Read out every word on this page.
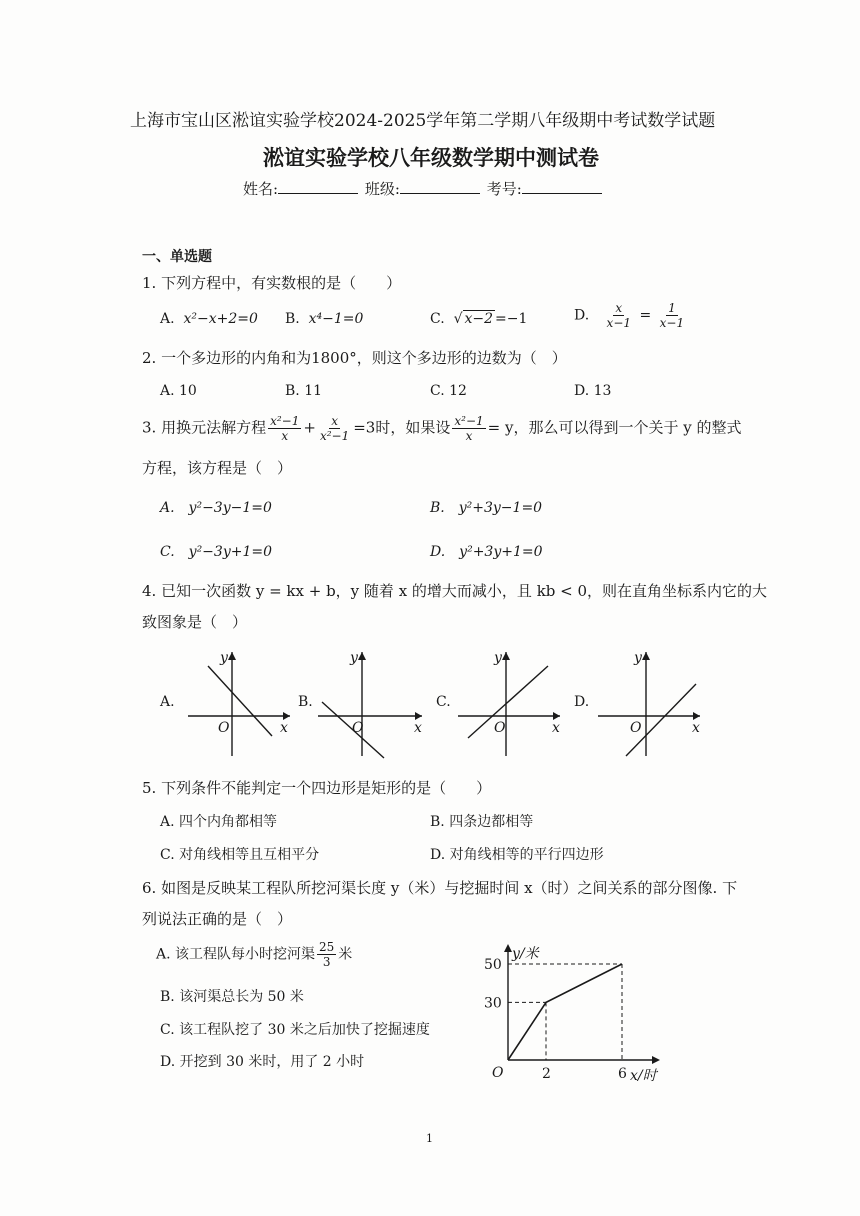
上海市宝山区淞谊实验学校2024-2025学年第二学期八年级期中考试数学试题
淞谊实验学校八年级数学期中测试卷
姓名:	班级:	考号:
一、单选题
1. 下列方程中，有实数根的是（　　）
A. x²−x+2=0 B. x⁴−1=0	C.  √ x−2 =−1	D. $\frac{x}{x-1} = \frac{1}{x-1}$
2. 一个多边形的内角和为1800°，则这个多边形的边数为（　）
A. 10	B. 11	C. 12	D. 13
3. 用换元法解方程 $\frac{\text{x²−1}}{x} + \frac{x}{\text{x²−1}} =3$时，如果设 $\frac{\text{x²−1}}{x} = y$，那么可以得到一个关于 y 的整式
方程，该方程是（　）
A.　y²−3y−1=0	B.　y²+3y−1=0
C.　y²−3y+1=0	D.　y²+3y+1=0
4. 已知一次函数 y = kx + b，y 随着 x 的增大而减小，且 kb < 0，则在直角坐标系内它的大
致图象是（　）
A.
y
O	x
B.
y
O	x
C.
y
O	x
D.
y
O	x
5. 下列条件不能判定一个四边形是矩形的是（　　）
A. 四个内角都相等	B. 四条边都相等
C. 对角线相等且互相平分	D. 对角线相等的平行四边形
6. 如图是反映某工程队所挖河渠长度 y（米）与挖掘时间 x（时）之间关系的部分图像. 下
列说法正确的是（　）
A. 该工程队每小时挖河渠 $\frac{25}{3}$ 米
B. 该河渠总长为 50 米
C. 该工程队挖了 30 米之后加快了挖掘速度
D. 开挖到 30 米时，用了 2 小时
y/米
x/时
O
50
30
2	6
1
